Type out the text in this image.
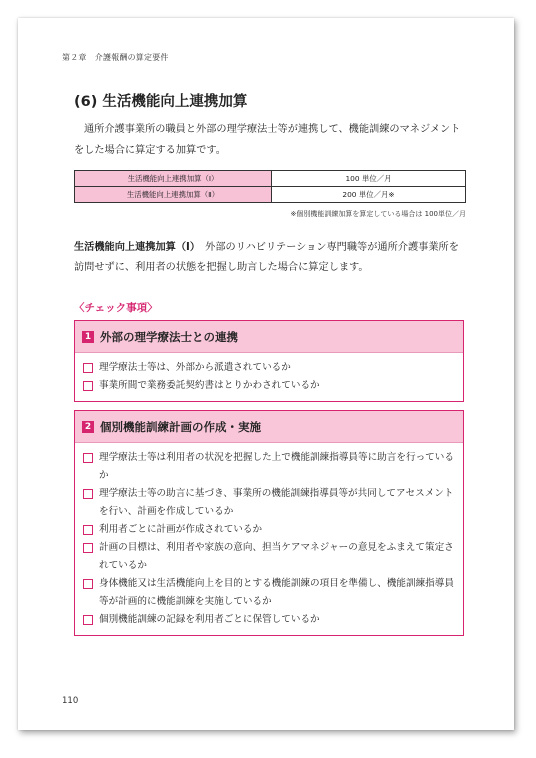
第２章　介護報酬の算定要件
(6) 生活機能向上連携加算
通所介護事業所の職員と外部の理学療法士等が連携して、機能訓練のマネジメントをした場合に算定する加算です。
生活機能向上連携加算（Ⅰ）	100 単位／月
生活機能向上連携加算（Ⅱ）	200 単位／月※
※個別機能訓練加算を算定している場合は 100単位／月
生活機能向上連携加算（Ⅰ）　外部のリハビリテーション専門職等が通所介護事業所を訪問せずに、利用者の状態を把握し助言した場合に算定します。
〈チェック事項〉
1 外部の理学療法士との連携
理学療法士等は、外部から派遣されているか
事業所間で業務委託契約書はとりかわされているか
2 個別機能訓練計画の作成・実施
理学療法士等は利用者の状況を把握した上で機能訓練指導員等に助言を行っているか
理学療法士等の助言に基づき、事業所の機能訓練指導員等が共同してアセスメントを行い、計画を作成しているか
利用者ごとに計画が作成されているか
計画の目標は、利用者や家族の意向、担当ケアマネジャーの意見をふまえて策定されているか
身体機能又は生活機能向上を目的とする機能訓練の項目を準備し、機能訓練指導員等が計画的に機能訓練を実施しているか
個別機能訓練の記録を利用者ごとに保管しているか
110
